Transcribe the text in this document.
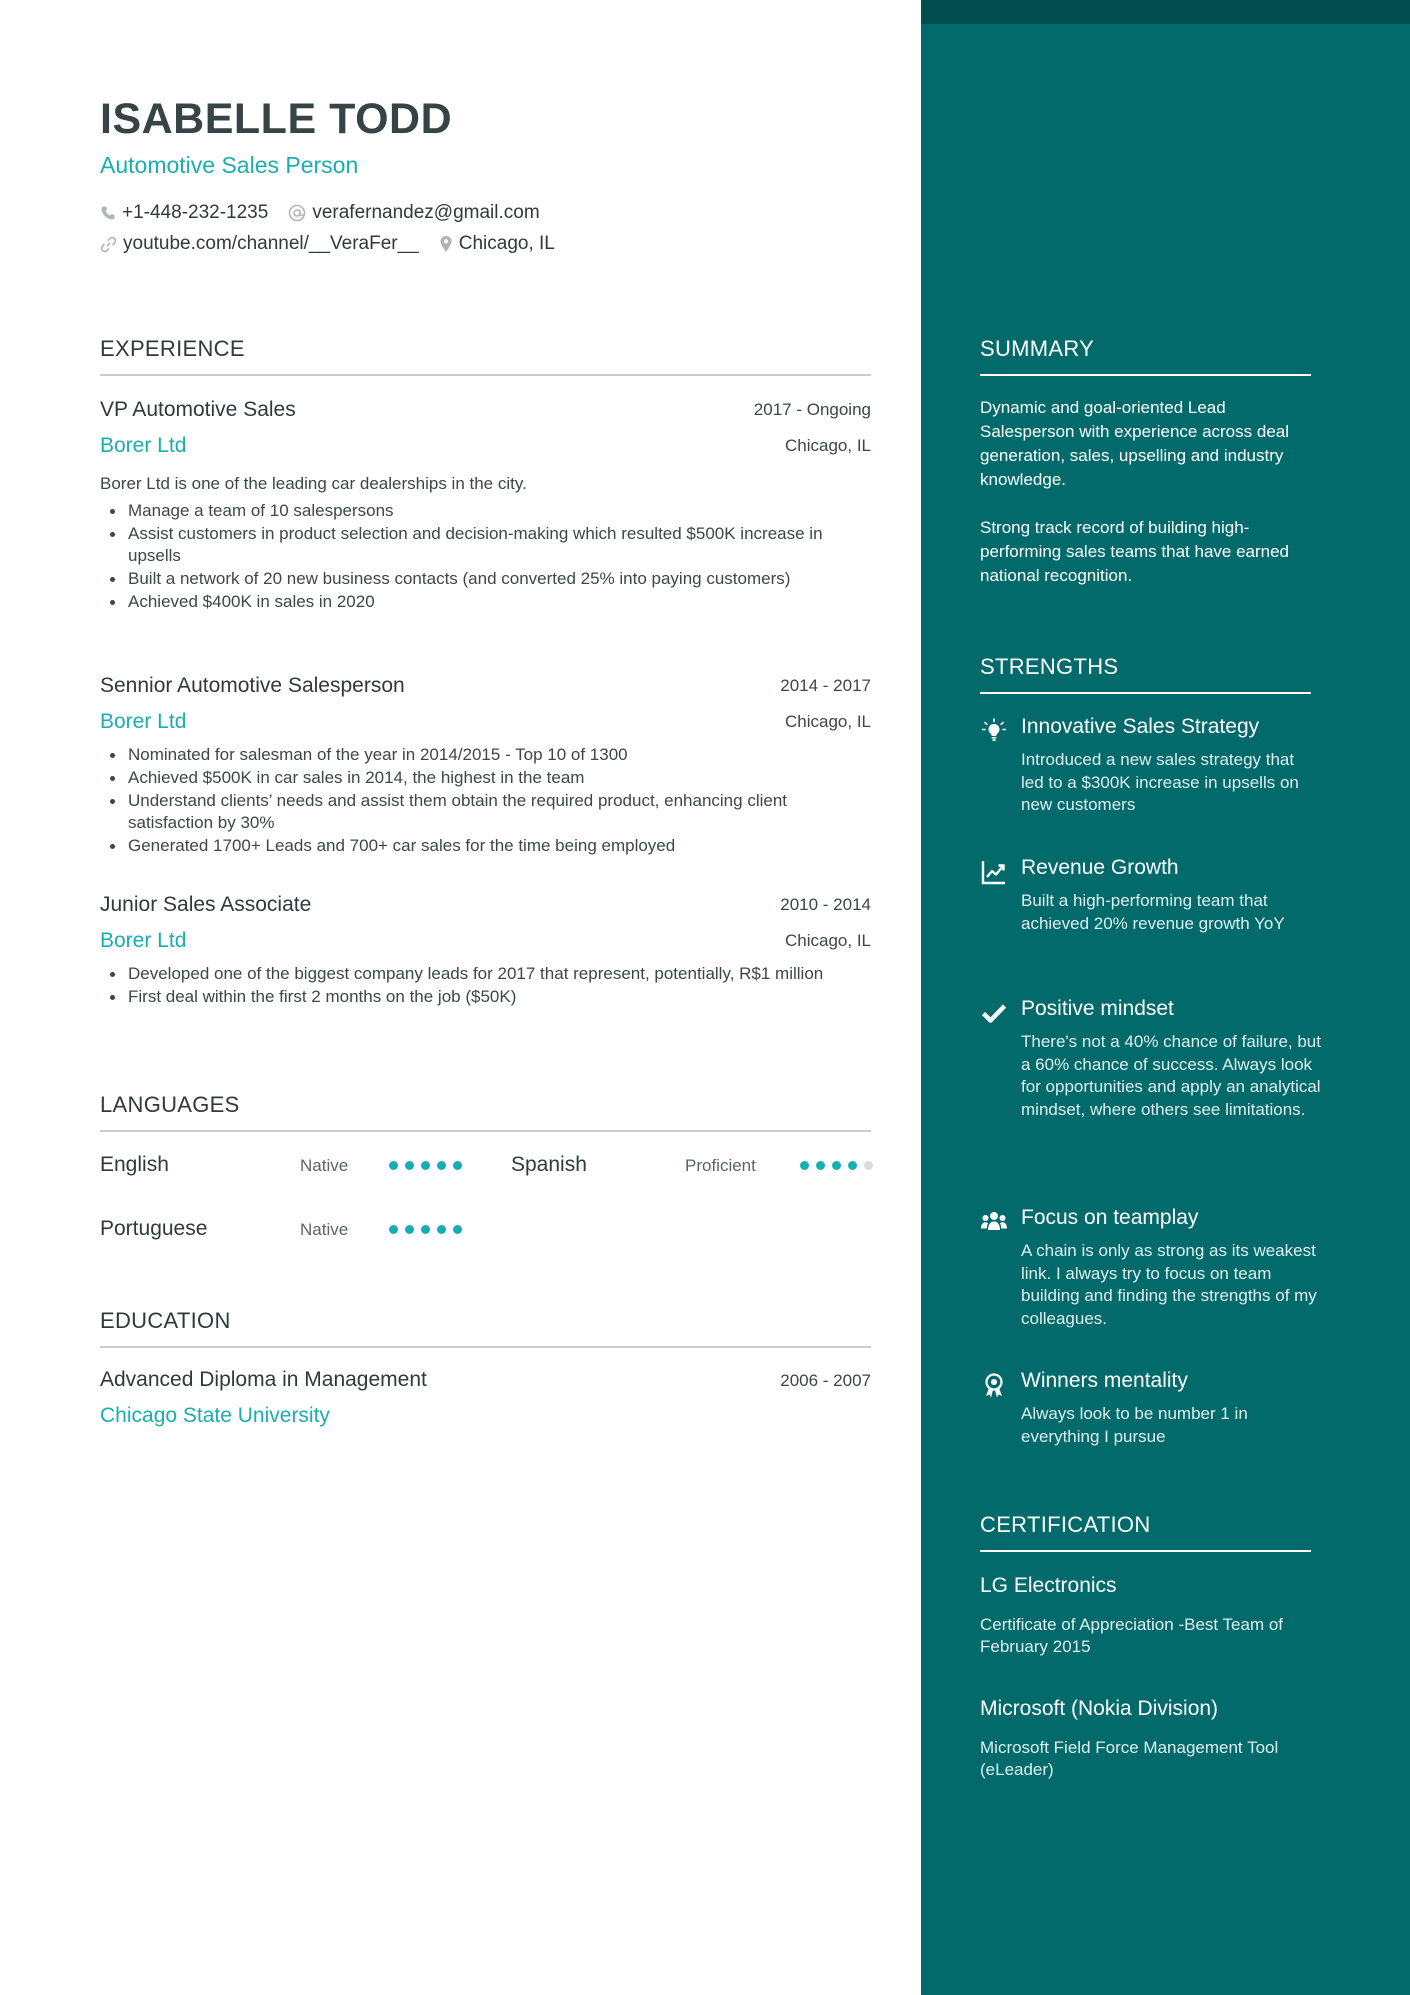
ISABELLE TODD
Automotive Sales Person
+1-448-232-1235 verafernandez@gmail.com
youtube.com/channel/__VeraFer__ Chicago, IL
EXPERIENCE
VP Automotive Sales	2017 - Ongoing
Borer Ltd	Chicago, IL
Borer Ltd is one of the leading car dealerships in the city.
Manage a team of 10 salespersons
Assist customers in product selection and decision-making which resulted $500K increase in upsells
Built a network of 20 new business contacts (and converted 25% into paying customers)
Achieved $400K in sales in 2020
Sennior Automotive Salesperson	2014 - 2017
Borer Ltd	Chicago, IL
Nominated for salesman of the year in 2014/2015 - Top 10 of 1300
Achieved $500K in car sales in 2014, the highest in the team
Understand clients’ needs and assist them obtain the required product, enhancing client satisfaction by 30%
Generated 1700+ Leads and 700+ car sales for the time being employed
Junior Sales Associate	2010 - 2014
Borer Ltd	Chicago, IL
Developed one of the biggest company leads for 2017 that represent, potentially, R$1 million
First deal within the first 2 months on the job ($50K)
LANGUAGES
English	Native	Spanish	Proficient
Portuguese	Native
EDUCATION
Advanced Diploma in Management	2006 - 2007
Chicago State University
SUMMARY
Dynamic and goal-oriented Lead Salesperson with experience across deal generation, sales, upselling and industry knowledge.
Strong track record of building high-performing sales teams that have earned national recognition.
STRENGTHS
Innovative Sales Strategy
Introduced a new sales strategy that led to a $300K increase in upsells on new customers
Revenue Growth
Built a high-performing team that achieved 20% revenue growth YoY
Positive mindset
There's not a 40% chance of failure, but a 60% chance of success. Always look for opportunities and apply an analytical mindset, where others see limitations.
Focus on teamplay
A chain is only as strong as its weakest link. I always try to focus on team building and finding the strengths of my colleagues.
Winners mentality
Always look to be number 1 in everything I pursue
CERTIFICATION
LG Electronics
Certificate of Appreciation -Best Team of February 2015
Microsoft (Nokia Division)
Microsoft Field Force Management Tool (eLeader)
